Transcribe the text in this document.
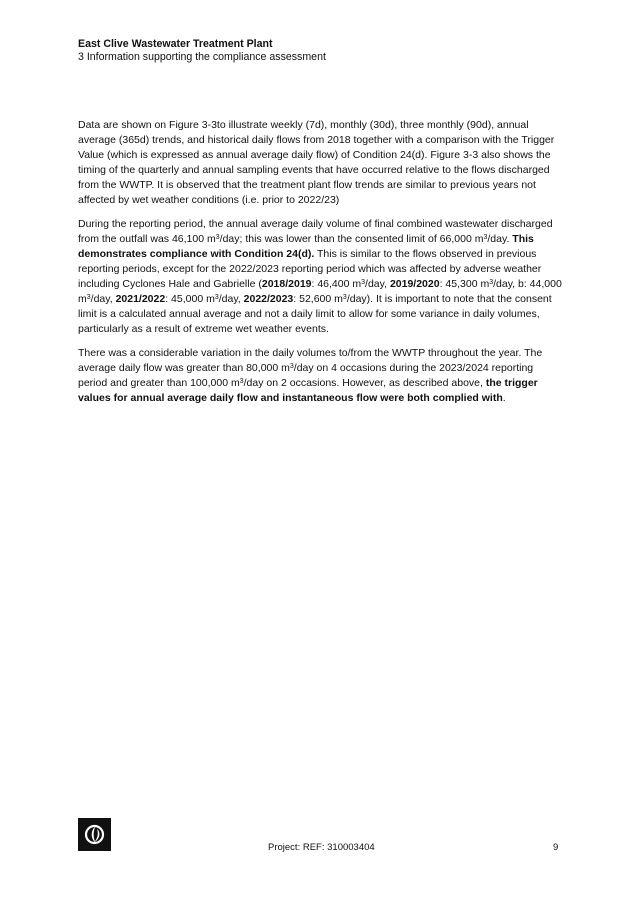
East Clive Wastewater Treatment Plant
3 Information supporting the compliance assessment

Data are shown on Figure 3-3to illustrate weekly (7d), monthly (30d), three monthly (90d), annual average (365d) trends, and historical daily flows from 2018 together with a comparison with the Trigger Value (which is expressed as annual average daily flow) of Condition 24(d). Figure 3-3 also shows the timing of the quarterly and annual sampling events that have occurred relative to the flows discharged from the WWTP. It is observed that the treatment plant flow trends are similar to previous years not affected by wet weather conditions (i.e. prior to 2022/23)

During the reporting period, the annual average daily volume of final combined wastewater discharged from the outfall was 46,100 $m^3$/day; this was lower than the consented limit of 66,000 $m^3$/day. This demonstrates compliance with Condition 24(d). This is similar to the flows observed in previous reporting periods, except for the 2022/2023 reporting period which was affected by adverse weather including Cyclones Hale and Gabrielle (2018/2019: 46,400 $m^3$/day, 2019/2020: 45,300 $m^3$/day, b: 44,000 $m^3$/day, 2021/2022: 45,000 $m^3$/day, 2022/2023: 52,600 $m^3/day$). It is important to note that the consent limit is a calculated annual average and not a daily limit to allow for some variance in daily volumes, particularly as a result of extreme wet weather events.

There was a considerable variation in the daily volumes to/from the WWTP throughout the year. The average daily flow was greater than 80,000 $m^3$/day on 4 occasions during the 2023/2024 reporting period and greater than 100,000 $m^3$/day on 2 occasions. However, as described above, the trigger values for annual average daily flow and instantaneous flow were both complied with.

Project: REF: 310003404	9
